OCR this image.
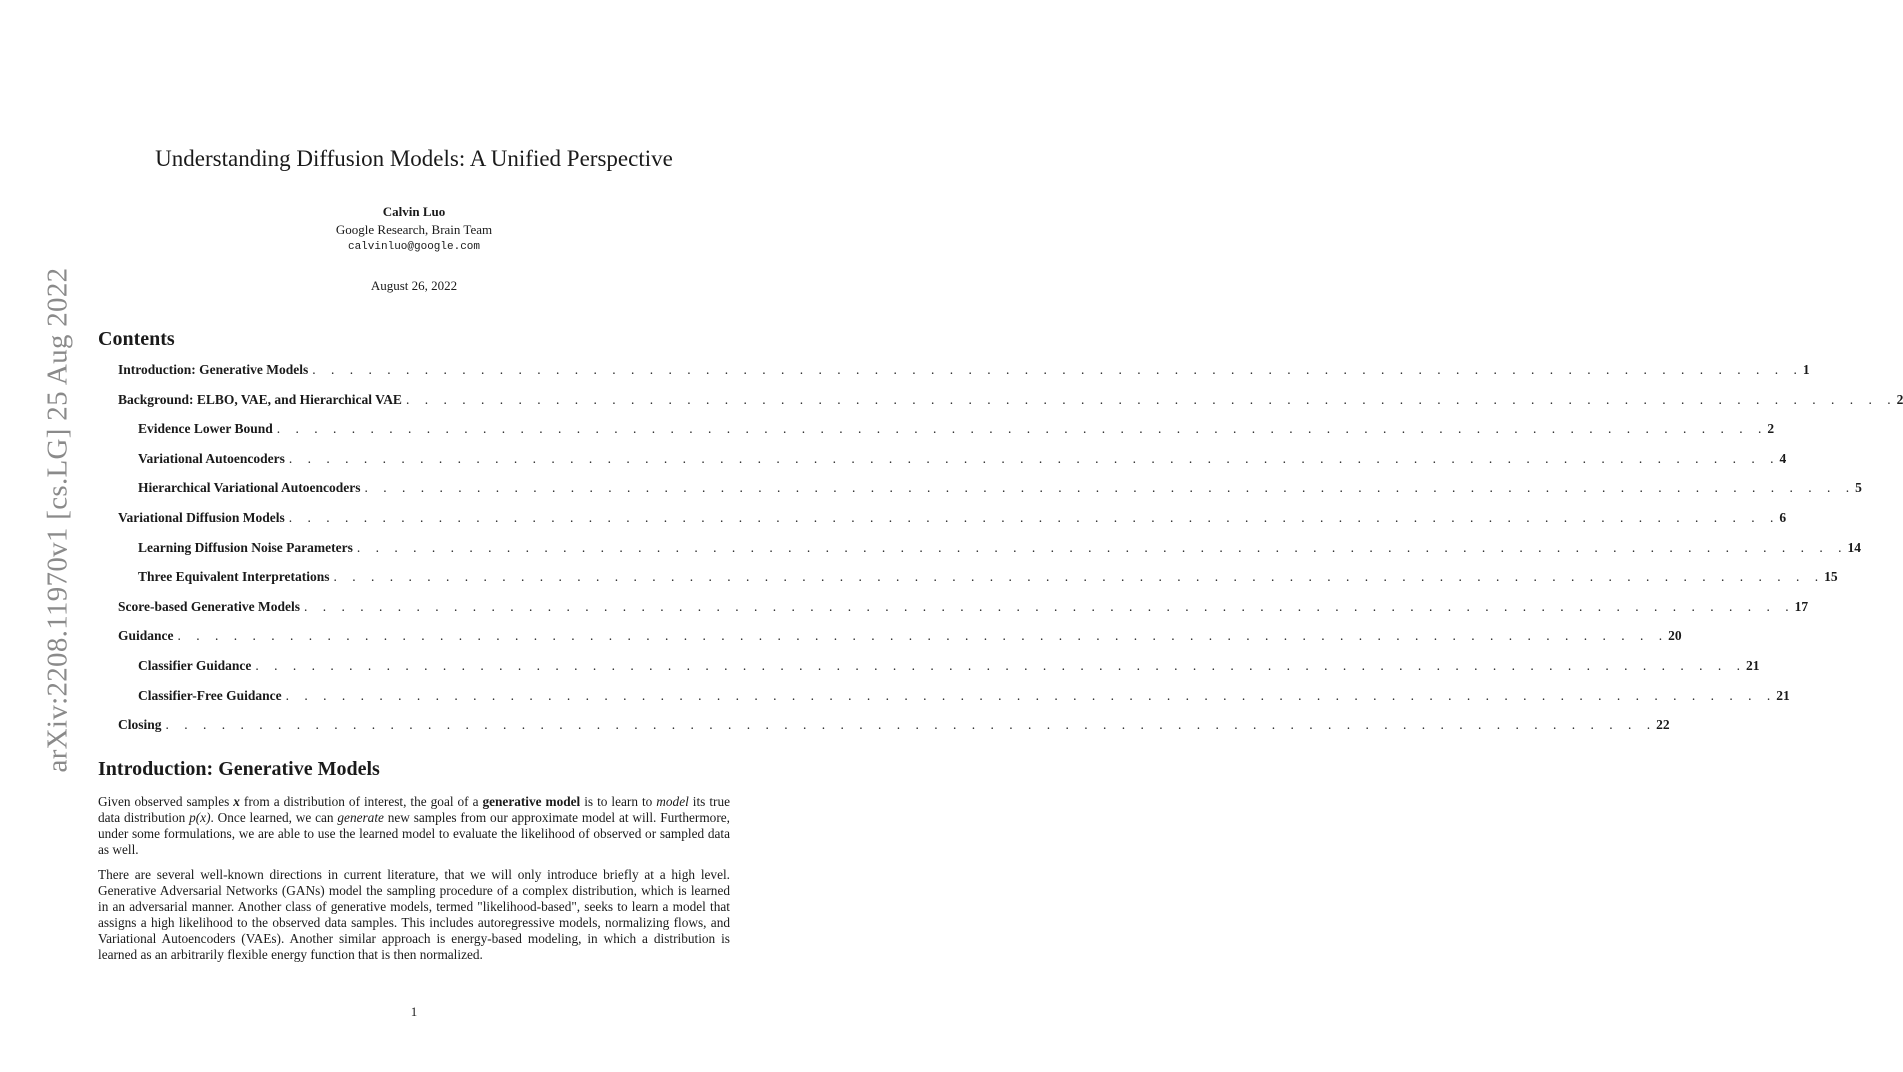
arXiv:2208.11970v1 [cs.LG] 25 Aug 2022
Understanding Diffusion Models: A Unified Perspective
Calvin Luo
Google Research, Brain Team
calvinluo@google.com
August 26, 2022
Contents
Introduction: Generative Models . . . . . . . . . . . . . . . . . . . . . . . . . . . . . . . . . . . . . . . . . . . . . . . . . . . . . . . . . . . . . . . . . . . . . . . . . . . . . . . . 1
Background: ELBO, VAE, and Hierarchical VAE . . . . . . . . . . . . . . . . . . . . . . . . . . . . . . . . . . . . . . . . . . . . . . . . . . . . . . . . . . . . . . . . . . . . . . . . . . . . . . . . 2
Evidence Lower Bound . . . . . . . . . . . . . . . . . . . . . . . . . . . . . . . . . . . . . . . . . . . . . . . . . . . . . . . . . . . . . . . . . . . . . . . . . . . . . . . . 2
Variational Autoencoders . . . . . . . . . . . . . . . . . . . . . . . . . . . . . . . . . . . . . . . . . . . . . . . . . . . . . . . . . . . . . . . . . . . . . . . . . . . . . . . . 4
Hierarchical Variational Autoencoders . . . . . . . . . . . . . . . . . . . . . . . . . . . . . . . . . . . . . . . . . . . . . . . . . . . . . . . . . . . . . . . . . . . . . . . . . . . . . . . . 5
Variational Diffusion Models . . . . . . . . . . . . . . . . . . . . . . . . . . . . . . . . . . . . . . . . . . . . . . . . . . . . . . . . . . . . . . . . . . . . . . . . . . . . . . . . 6
Learning Diffusion Noise Parameters . . . . . . . . . . . . . . . . . . . . . . . . . . . . . . . . . . . . . . . . . . . . . . . . . . . . . . . . . . . . . . . . . . . . . . . . . . . . . . . . 14
Three Equivalent Interpretations . . . . . . . . . . . . . . . . . . . . . . . . . . . . . . . . . . . . . . . . . . . . . . . . . . . . . . . . . . . . . . . . . . . . . . . . . . . . . . . . 15
Score-based Generative Models . . . . . . . . . . . . . . . . . . . . . . . . . . . . . . . . . . . . . . . . . . . . . . . . . . . . . . . . . . . . . . . . . . . . . . . . . . . . . . . . 17
Guidance . . . . . . . . . . . . . . . . . . . . . . . . . . . . . . . . . . . . . . . . . . . . . . . . . . . . . . . . . . . . . . . . . . . . . . . . . . . . . . . . 20
Classifier Guidance . . . . . . . . . . . . . . . . . . . . . . . . . . . . . . . . . . . . . . . . . . . . . . . . . . . . . . . . . . . . . . . . . . . . . . . . . . . . . . . . 21
Classifier-Free Guidance . . . . . . . . . . . . . . . . . . . . . . . . . . . . . . . . . . . . . . . . . . . . . . . . . . . . . . . . . . . . . . . . . . . . . . . . . . . . . . . . 21
Closing . . . . . . . . . . . . . . . . . . . . . . . . . . . . . . . . . . . . . . . . . . . . . . . . . . . . . . . . . . . . . . . . . . . . . . . . . . . . . . . . 22
Introduction: Generative Models
Given observed samples x from a distribution of interest, the goal of a generative model is to learn to model its true data distribution p(x). Once learned, we can generate new samples from our approximate model at will. Furthermore, under some formulations, we are able to use the learned model to evaluate the likelihood of observed or sampled data as well.
There are several well-known directions in current literature, that we will only introduce briefly at a high level. Generative Adversarial Networks (GANs) model the sampling procedure of a complex distribution, which is learned in an adversarial manner. Another class of generative models, termed "likelihood-based", seeks to learn a model that assigns a high likelihood to the observed data samples. This includes autoregressive models, normalizing flows, and Variational Autoencoders (VAEs). Another similar approach is energy-based modeling, in which a distribution is learned as an arbitrarily flexible energy function that is then normalized.
1
